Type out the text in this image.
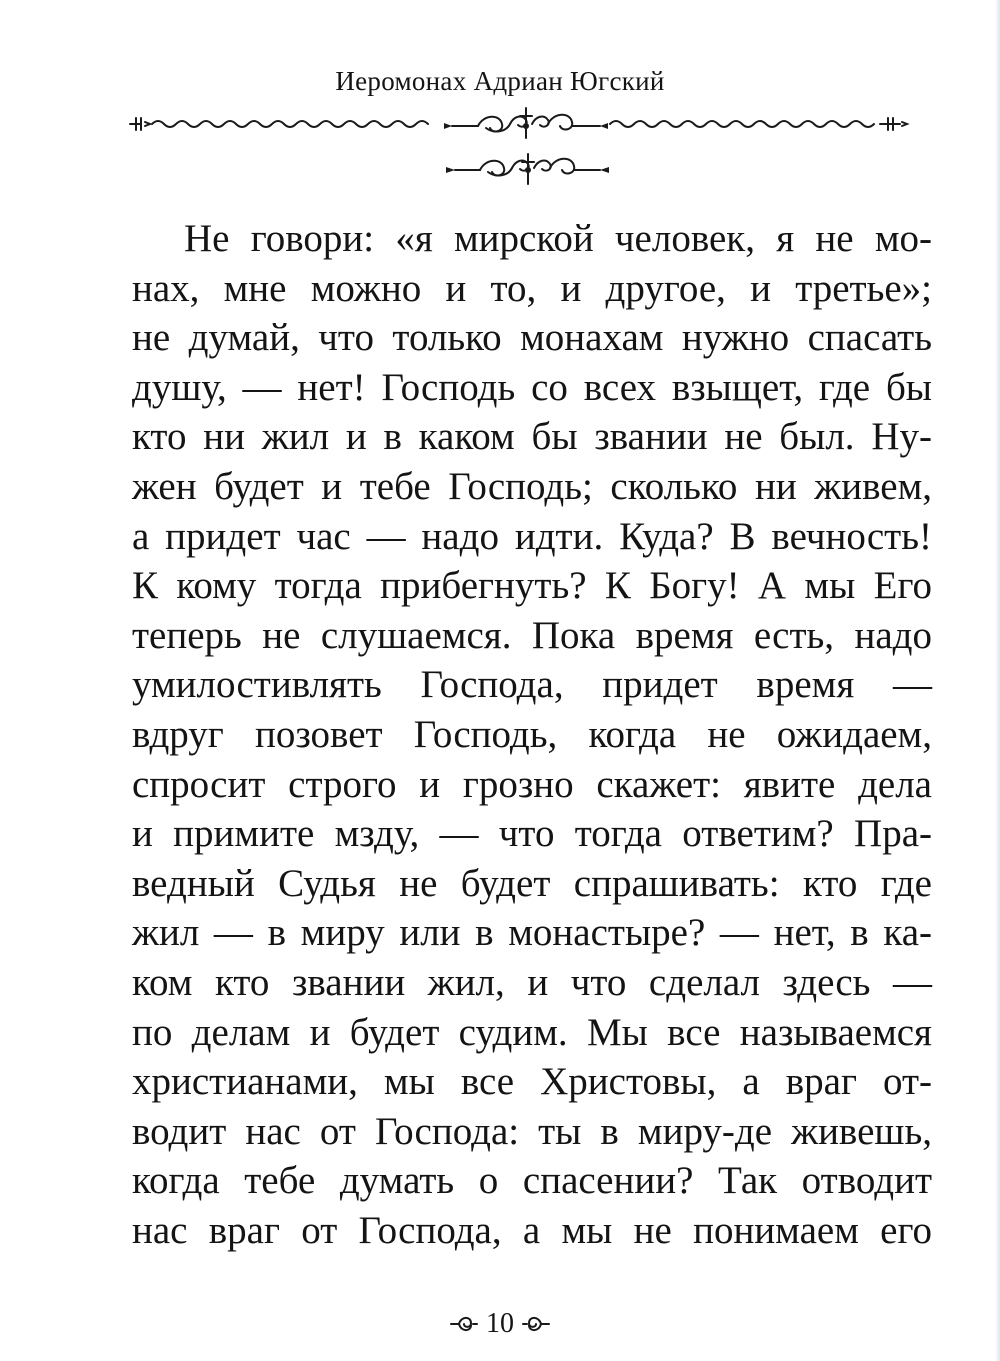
Иеромонах Адриан Югский
Не говори: «я мирской человек, я не мо-
нах, мне можно и то, и другое, и третье»;
не думай, что только монахам нужно спасать
душу, — нет! Господь со всех взыщет, где бы
кто ни жил и в каком бы звании не был. Ну-
жен будет и тебе Господь; сколько ни живем,
а придет час — надо идти. Куда? В вечность!
К кому тогда прибегнуть? К Богу! А мы Его
теперь не слушаемся. Пока время есть, надо
умилостивлять Господа, придет время —
вдруг позовет Господь, когда не ожидаем,
спросит строго и грозно скажет: явите дела
и примите мзду, — что тогда ответим? Пра-
ведный Судья не будет спрашивать: кто где
жил — в миру или в монастыре? — нет, в ка-
ком кто звании жил, и что сделал здесь —
по делам и будет судим. Мы все называемся
христианами, мы все Христовы, а враг от-
водит нас от Господа: ты в миру-де живешь,
когда тебе думать о спасении? Так отводит
нас враг от Господа, а мы не понимаем его
10
